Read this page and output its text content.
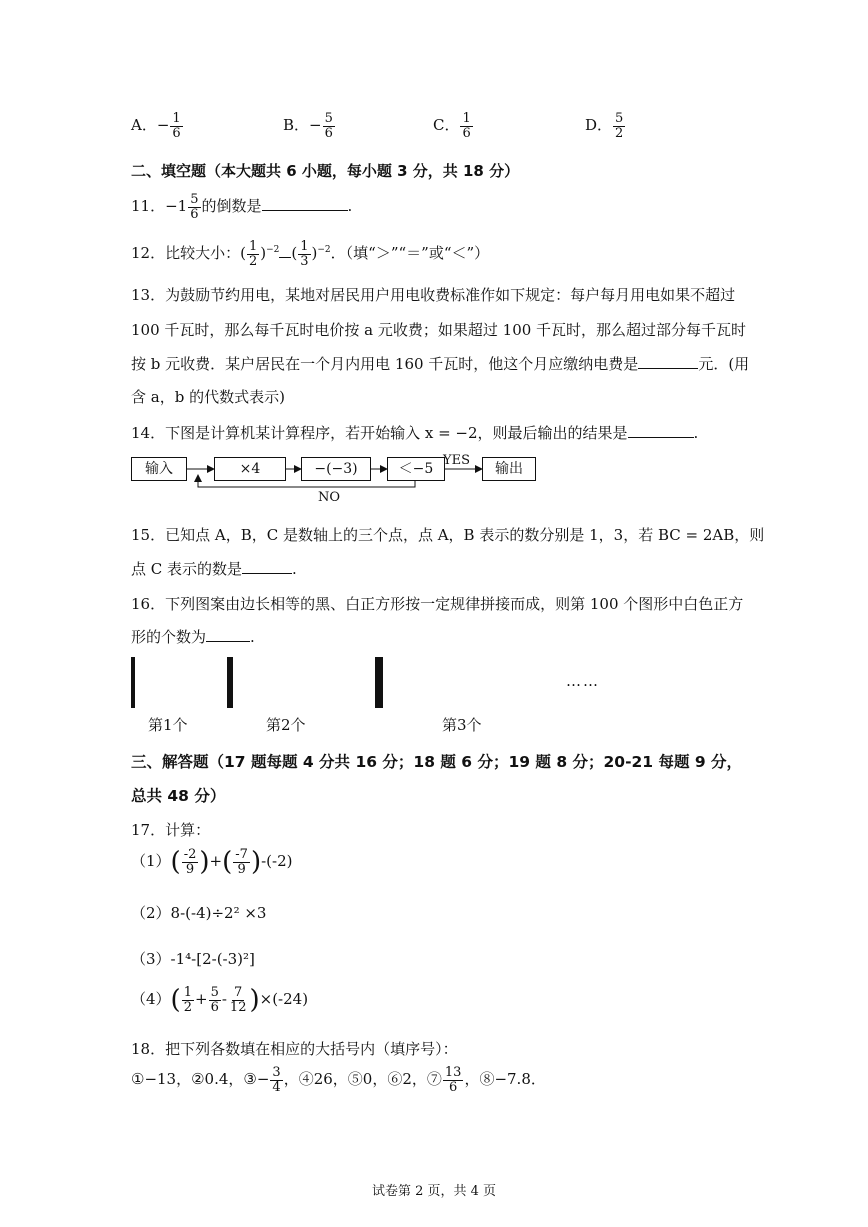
A．− $\frac{1}{6}$	B．− $\frac{5}{6}$	C． $\frac{1}{6}$	D． $\frac{5}{2}$
二、填空题（本大题共 6 小题，每小题 3 分，共 18 分）
11．$-1 \frac{5}{6}$ 的倒数是	.
12．比较大小：( $\frac{1}{2} )^{-2}$ ( $\frac{1}{3} )^{-2}$．（填“＞”“＝”或“＜”）
13．为鼓励节约用电，某地对居民用户用电收费标准作如下规定：每户每月用电如果不超过
100 千瓦时，那么每千瓦时电价按 a 元收费；如果超过 100 千瓦时，那么超过部分每千瓦时
按 b 元收费．某户居民在一个月内用电 160 千瓦时，他这个月应缴纳电费是	元．(用
含 a，b 的代数式表示)
14．下图是计算机某计算程序，若开始输入 x = −2，则最后输出的结果是	.
输入	×4	−(−3)	＜−5	输出
YES
NO
15．已知点 A，B，C 是数轴上的三个点，点 A，B 表示的数分别是 1，3，若 BC = 2AB，则
点 C 表示的数是	.
16．下列图案由边长相等的黑、白正方形按一定规律拼接而成，则第 100 个图形中白色正方
形的个数为	.

……
第1个	第2个	第3个
三、解答题（17 题每题 4 分共 16 分；18 题 6 分；19 题 8 分；20-21 每题 9 分，
总共 48 分）
17．计算：
$(1)( \frac{-2}{9}$ )+( $\frac{-7}{9} )-(-2)$
（2）8-(-4)÷2² ×3
（3）-1⁴-[2-(-3)²]
$(4)( \frac{1}{2} + \frac{5}{6} - \frac{7}{12} )\times(-24)$
18．把下列各数填在相应的大括号内（填序号）：
①−13，②0.4，③− $\frac{3}{4}$ ，④26，⑤0，⑥2，⑦ $\frac{13}{6}$ ，⑧−7.8．
试卷第 2 页，共 4 页
